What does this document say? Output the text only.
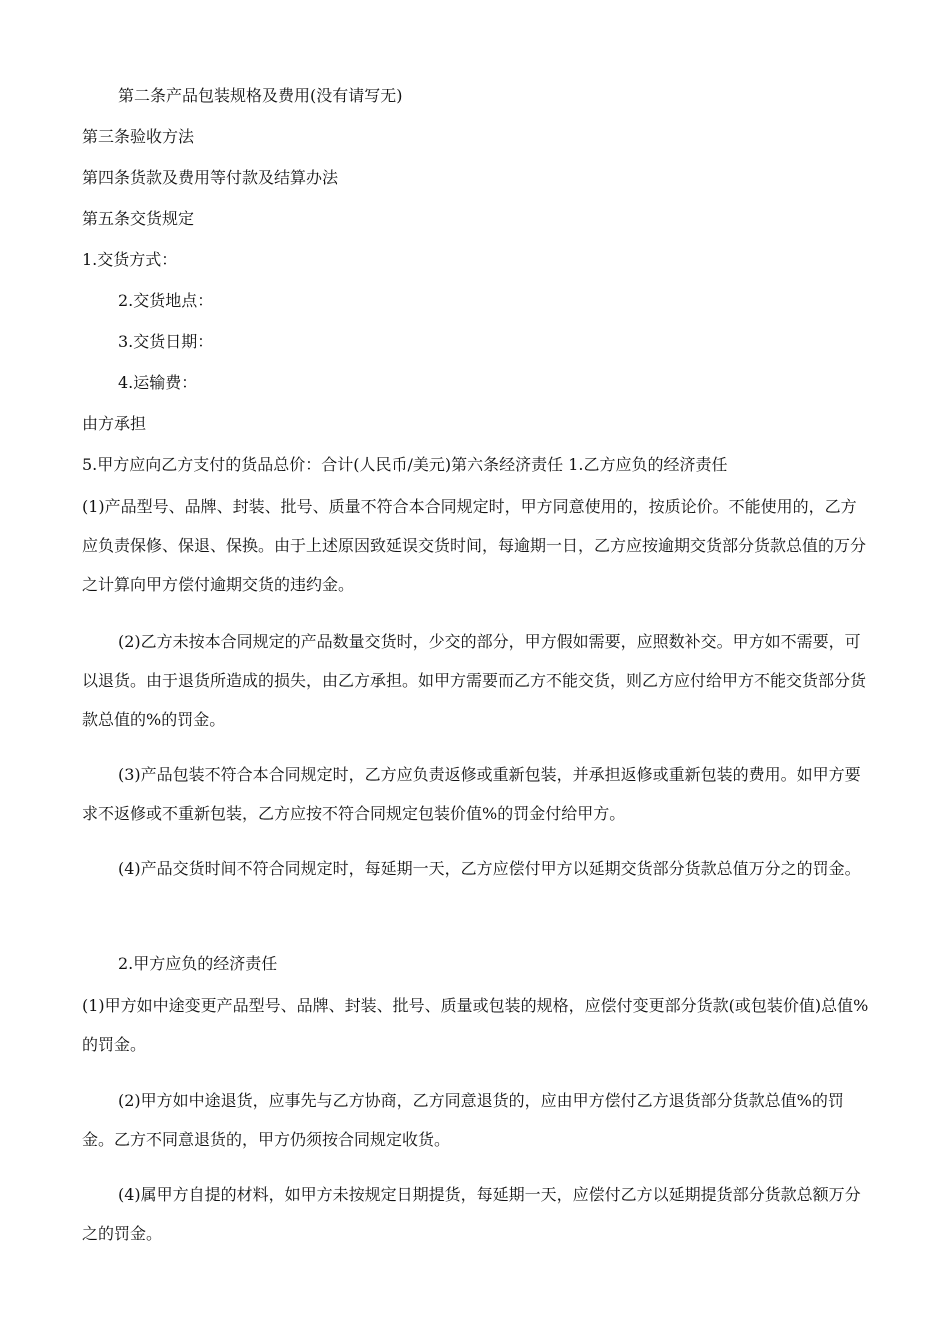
第二条产品包装规格及费用(没有请写无)
第三条验收方法
第四条货款及费用等付款及结算办法
第五条交货规定
1.交货方式：
2.交货地点：
3.交货日期：
4.运输费：
由方承担
5.甲方应向乙方支付的货品总价：合计(人民币/美元)第六条经济责任 1.乙方应负的经济责任
(1)产品型号、品牌、封装、批号、质量不符合本合同规定时，甲方同意使用的，按质论价。不能使用的，乙方应负责保修、保退、保换。由于上述原因致延误交货时间，每逾期一日，乙方应按逾期交货部分货款总值的万分之计算向甲方偿付逾期交货的违约金。
(2)乙方未按本合同规定的产品数量交货时，少交的部分，甲方假如需要，应照数补交。甲方如不需要，可以退货。由于退货所造成的损失，由乙方承担。如甲方需要而乙方不能交货，则乙方应付给甲方不能交货部分货款总值的%的罚金。
(3)产品包装不符合本合同规定时，乙方应负责返修或重新包装，并承担返修或重新包装的费用。如甲方要求不返修或不重新包装，乙方应按不符合同规定包装价值%的罚金付给甲方。
(4)产品交货时间不符合同规定时，每延期一天，乙方应偿付甲方以延期交货部分货款总值万分之的罚金。
2.甲方应负的经济责任
(1)甲方如中途变更产品型号、品牌、封装、批号、质量或包装的规格，应偿付变更部分货款(或包装价值)总值%的罚金。
(2)甲方如中途退货，应事先与乙方协商，乙方同意退货的，应由甲方偿付乙方退货部分货款总值%的罚金。乙方不同意退货的，甲方仍须按合同规定收货。
(4)属甲方自提的材料，如甲方未按规定日期提货，每延期一天，应偿付乙方以延期提货部分货款总额万分之的罚金。
